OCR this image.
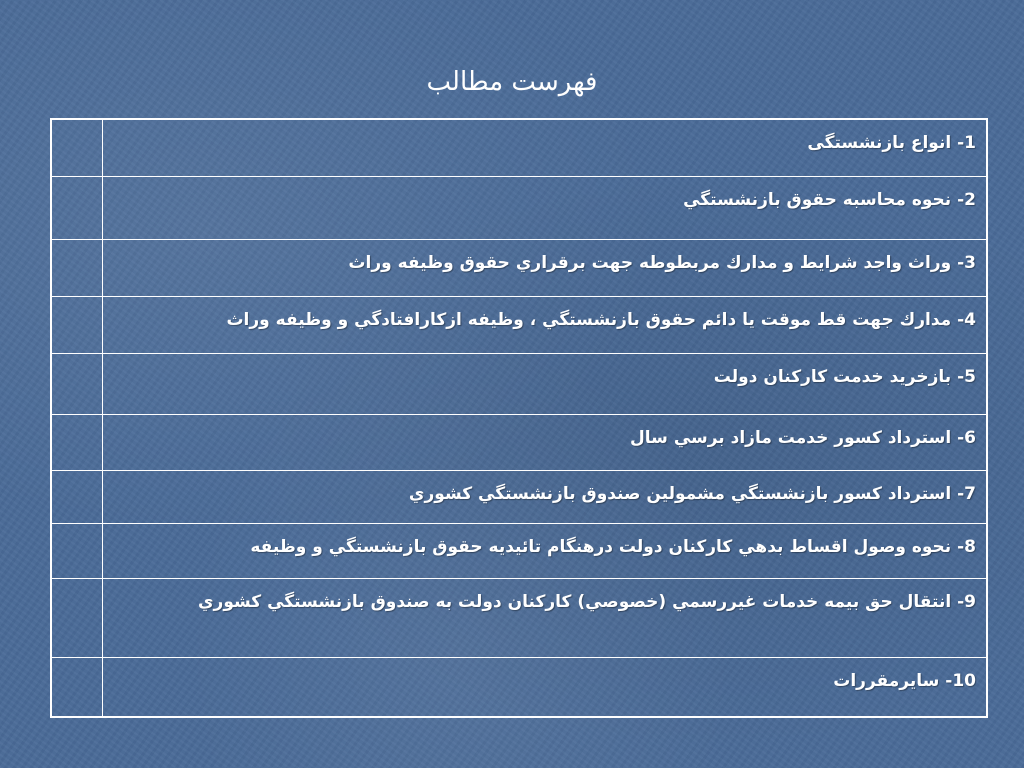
فهرست مطالب
	1- انواع بازنشستگی
	2- نحوه محاسبه حقوق بازنشستگي
	3- وراث واجد شرايط و مدارك مربطوطه جهت برقراري حقوق وظيفه وراث
	4- مدارك جهت قط موقت يا دائم حقوق بازنشستگي ، وظيفه ازكارافتادگي و وظيفه وراث
	5- بازخريد خدمت كاركنان دولت
	6- استرداد كسور خدمت مازاد برسي سال
	7- استرداد كسور بازنشستگي مشمولين صندوق بازنشستگي كشوري
	8- نحوه وصول اقساط بدهي كاركنان دولت درهنگام تائيديه حقوق بازنشستگي و وظيفه
	9- انتقال حق بيمه خدمات غيررسمي (خصوصي) كاركنان دولت به صندوق بازنشستگي كشوري
	10- سايرمقررات
